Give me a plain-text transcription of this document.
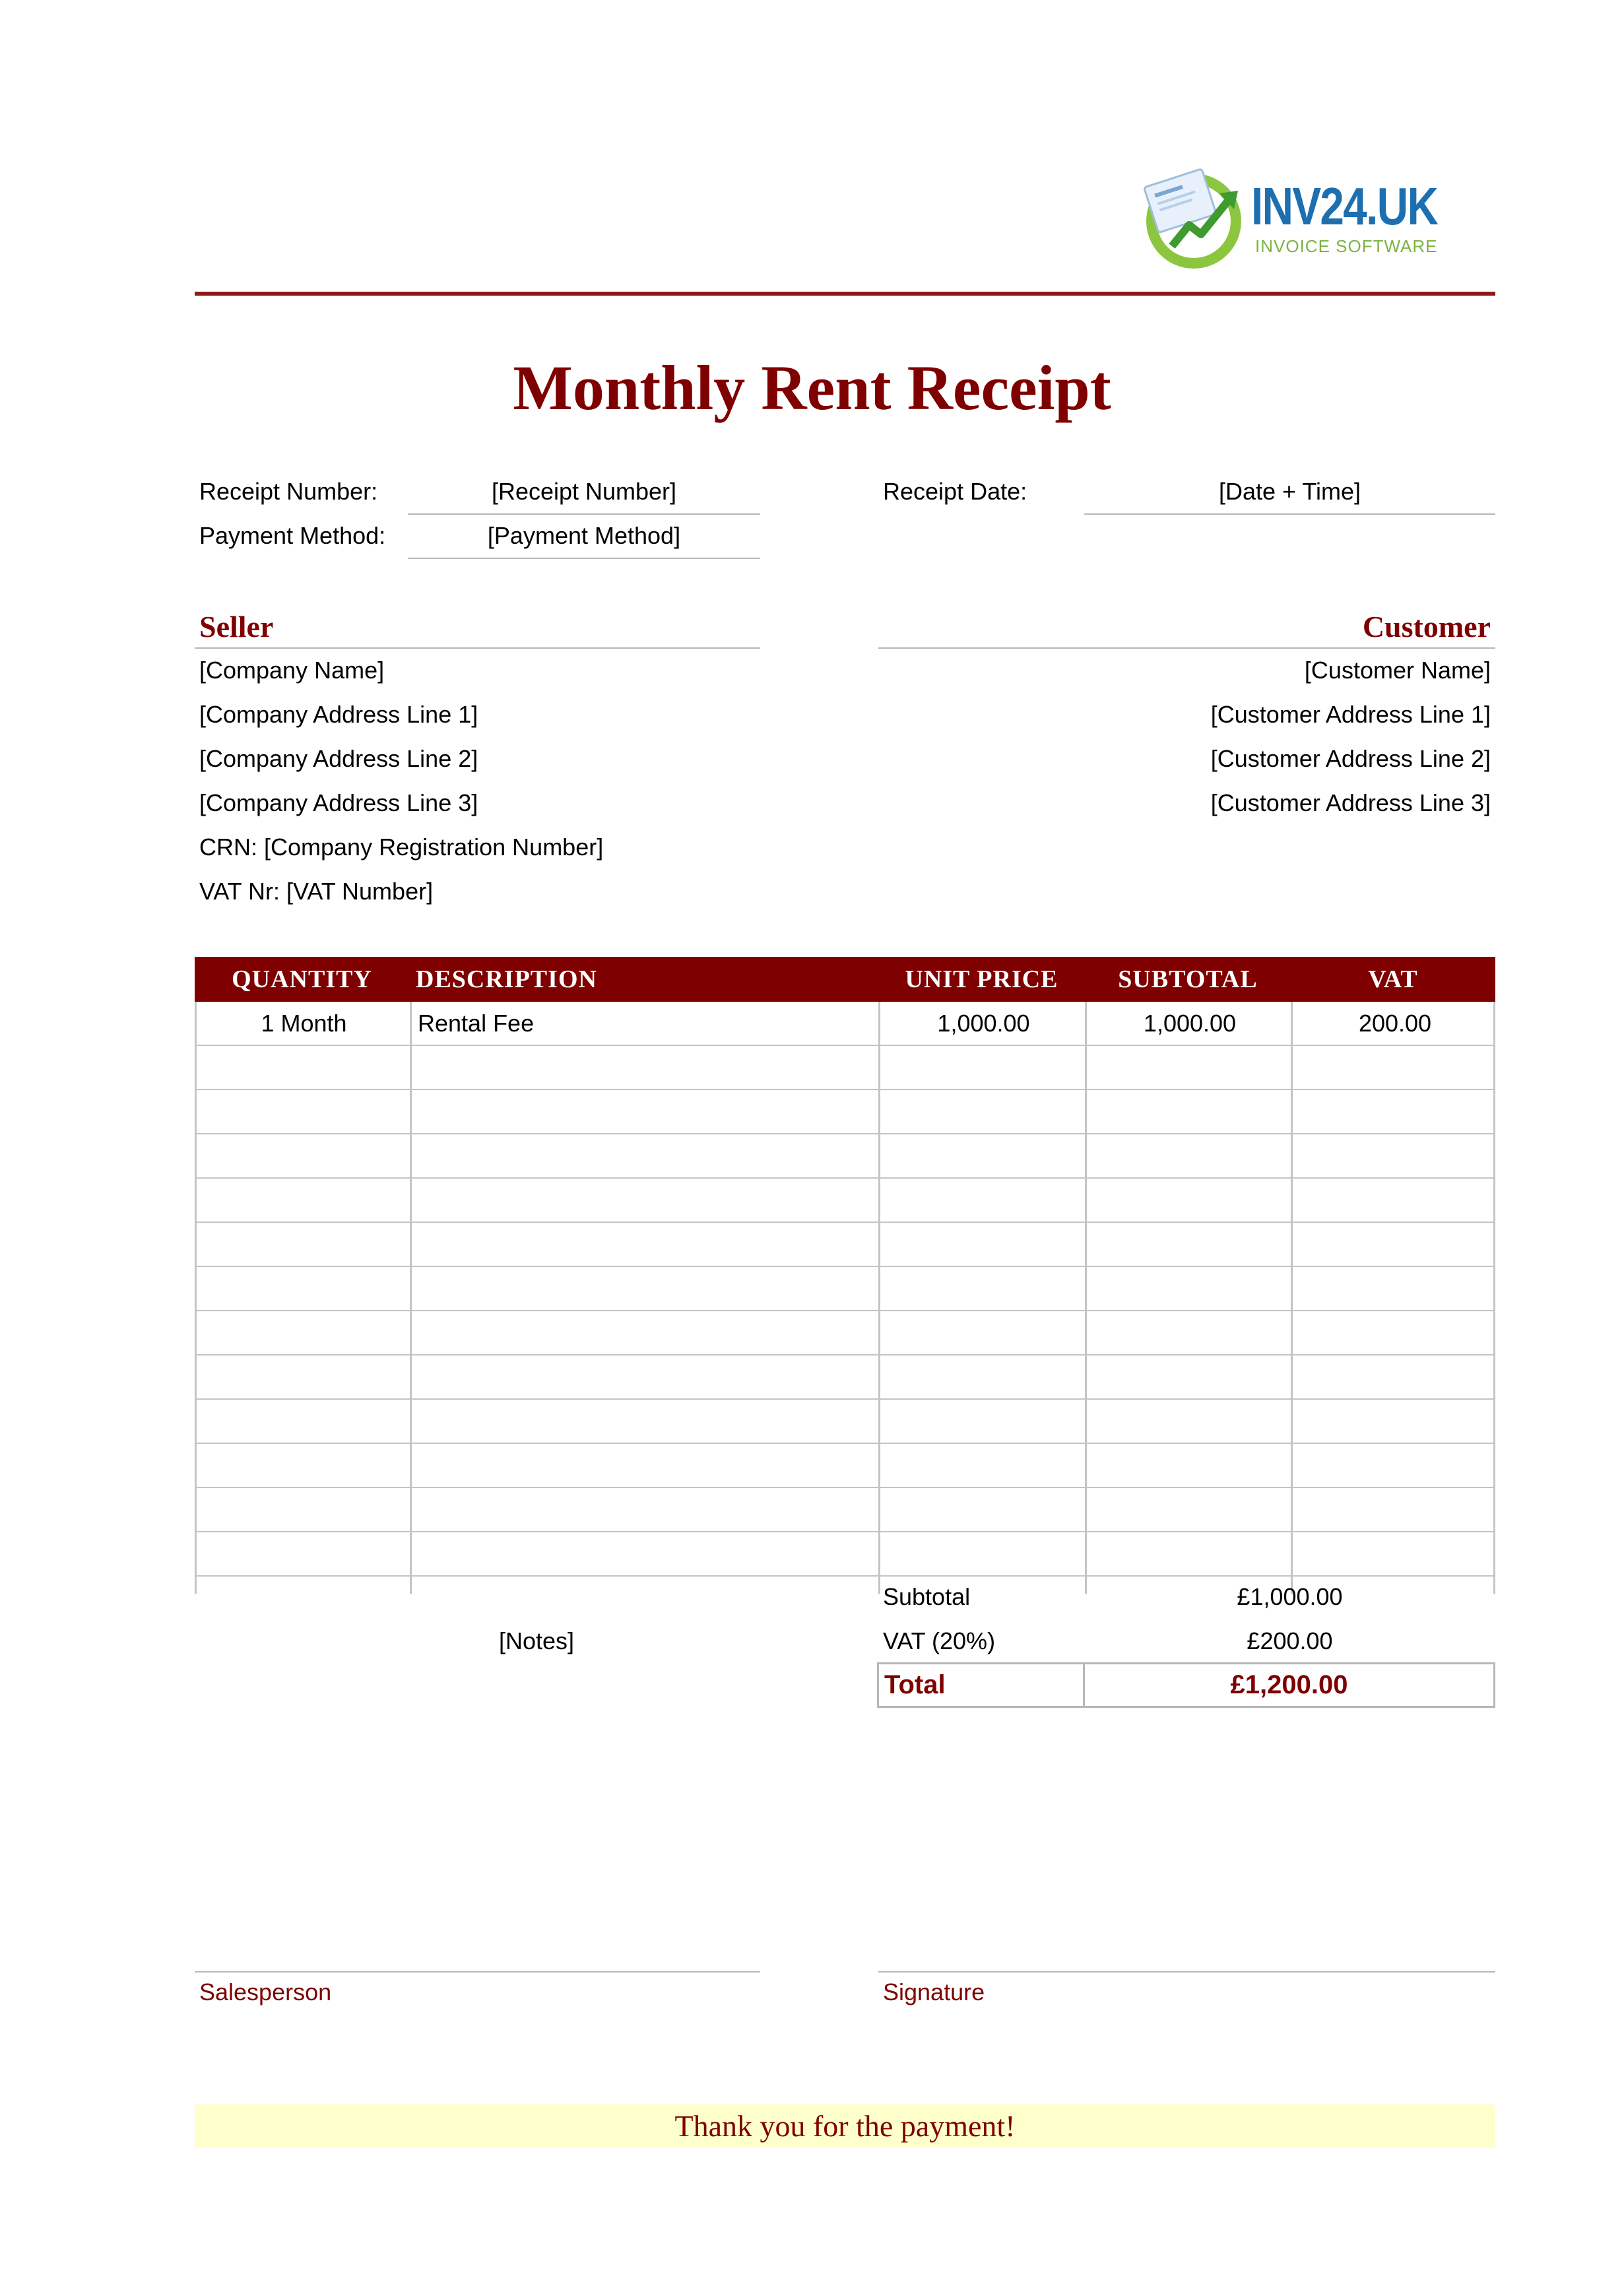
INV24.UK
INVOICE SOFTWARE
Monthly Rent Receipt
Receipt Number:	[Receipt Number]
Payment Method:	[Payment Method]
Receipt Date:	[Date + Time]
Seller	Customer
[Company Name]
[Company Address Line 1]
[Company Address Line 2]
[Company Address Line 3]
CRN: [Company Registration Number]
VAT Nr: [VAT Number]
[Customer Name]
[Customer Address Line 1]
[Customer Address Line 2]
[Customer Address Line 3]
QUANTITY	DESCRIPTION	UNIT PRICE	SUBTOTAL	VAT
1 Month	Rental Fee	1,000.00	1,000.00	200.00
[Notes]
Subtotal	£1,000.00
VAT (20%)	£200.00
Total	£1,200.00
Salesperson	Signature
Thank you for the payment!
